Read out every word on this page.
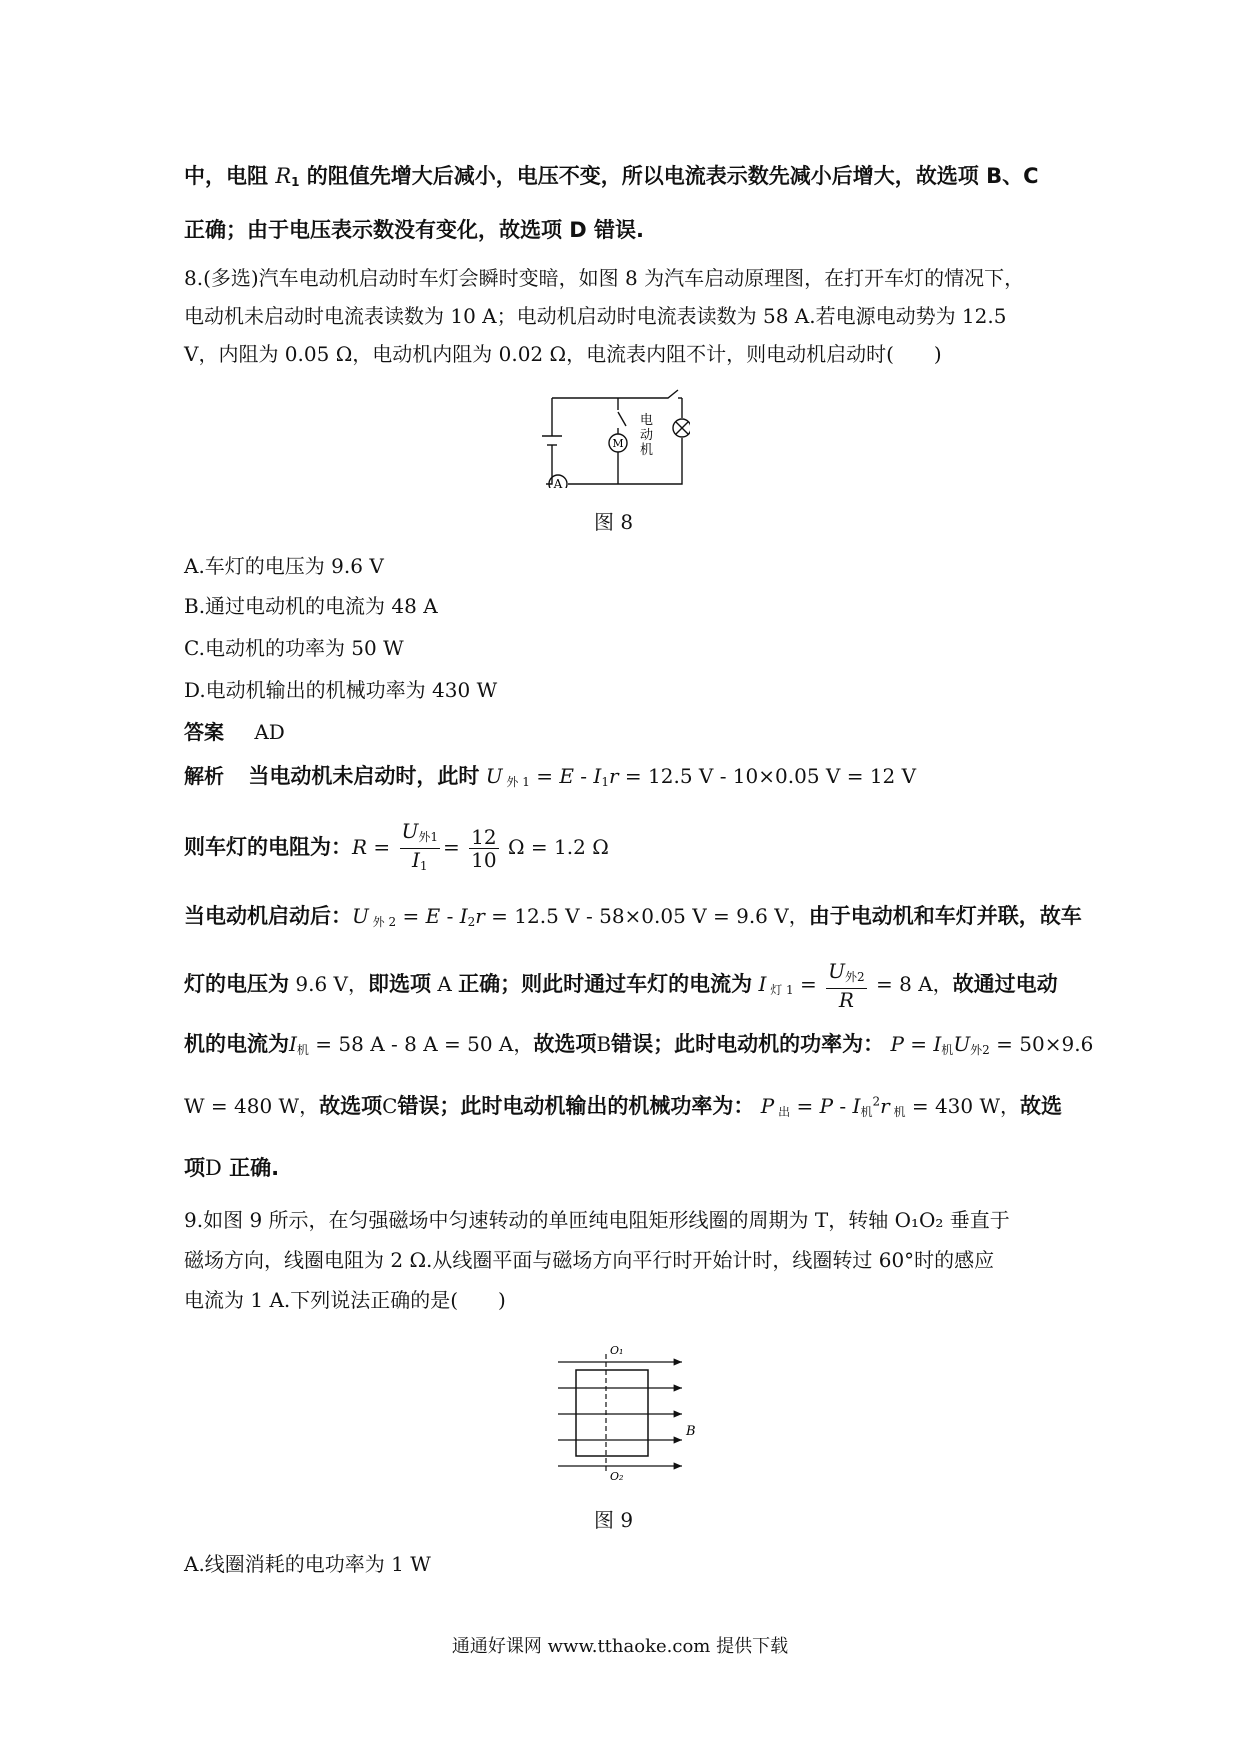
中，电阻 $R_1$ 的阻值先增大后减小，电压不变，所以电流表示数先减小后增大，故选项 B、C
正确；由于电压表示数没有变化，故选项 D 错误.
8.(多选)汽车电动机启动时车灯会瞬时变暗，如图 8 为汽车启动原理图，在打开车灯的情况下，
电动机未启动时电流表读数为 10 A；电动机启动时电流表读数为 58 A.若电源电动势为 12.5
V，内阻为 0.05 Ω，电动机内阻为 0.02 Ω，电流表内阻不计，则电动机启动时(　　)
A
M
电动机
图 8
A.车灯的电压为 9.6 V
B.通过电动机的电流为 48 A
C.电动机的功率为 50 W
D.电动机输出的机械功率为 430 W
答案 AD
解析 当电动机未启动时，此时 U $_{外 1} = E - I_1r = 12.5$ V - 10×0.05 V = 12 V
则车灯的电阻为：$R = \frac{U_{外1}}{I_1} = \frac{12}{10}$ Ω = 1.2 Ω
当电动机启动后：U $_{外 2} = E - I_2r = 12.5$ V - 58×0.05 V = 9.6 V，由于电动机和车灯并联，故车
灯的电压为 9.6 V，即选项 A 正确；则此时通过车灯的电流为 I $_{灯 1} = \frac{U_{外2}}{R} = 8$ A，故通过电动
机的电流为$I_机 = 58$ A - 8 A = 50 A，故选项B错误；此时电动机的功率为： $P = I_机U_{外2} = 50\times 9.6$
W = 480 W，故选项C错误；此时电动机输出的机械功率为： P $_出 = P - I_机^2r$ $_机$ = 430 W，故选
项D 正确.
9.如图 9 所示，在匀强磁场中匀速转动的单匝纯电阻矩形线圈的周期为 T，转轴 O₁O₂ 垂直于
磁场方向，线圈电阻为 2 Ω.从线圈平面与磁场方向平行时开始计时，线圈转过 60°时的感应
电流为 1 A.下列说法正确的是(　　)
O₁
O₂
B
图 9
A.线圈消耗的电功率为 1 W
通通好课网 www.tthaoke.com 提供下载
